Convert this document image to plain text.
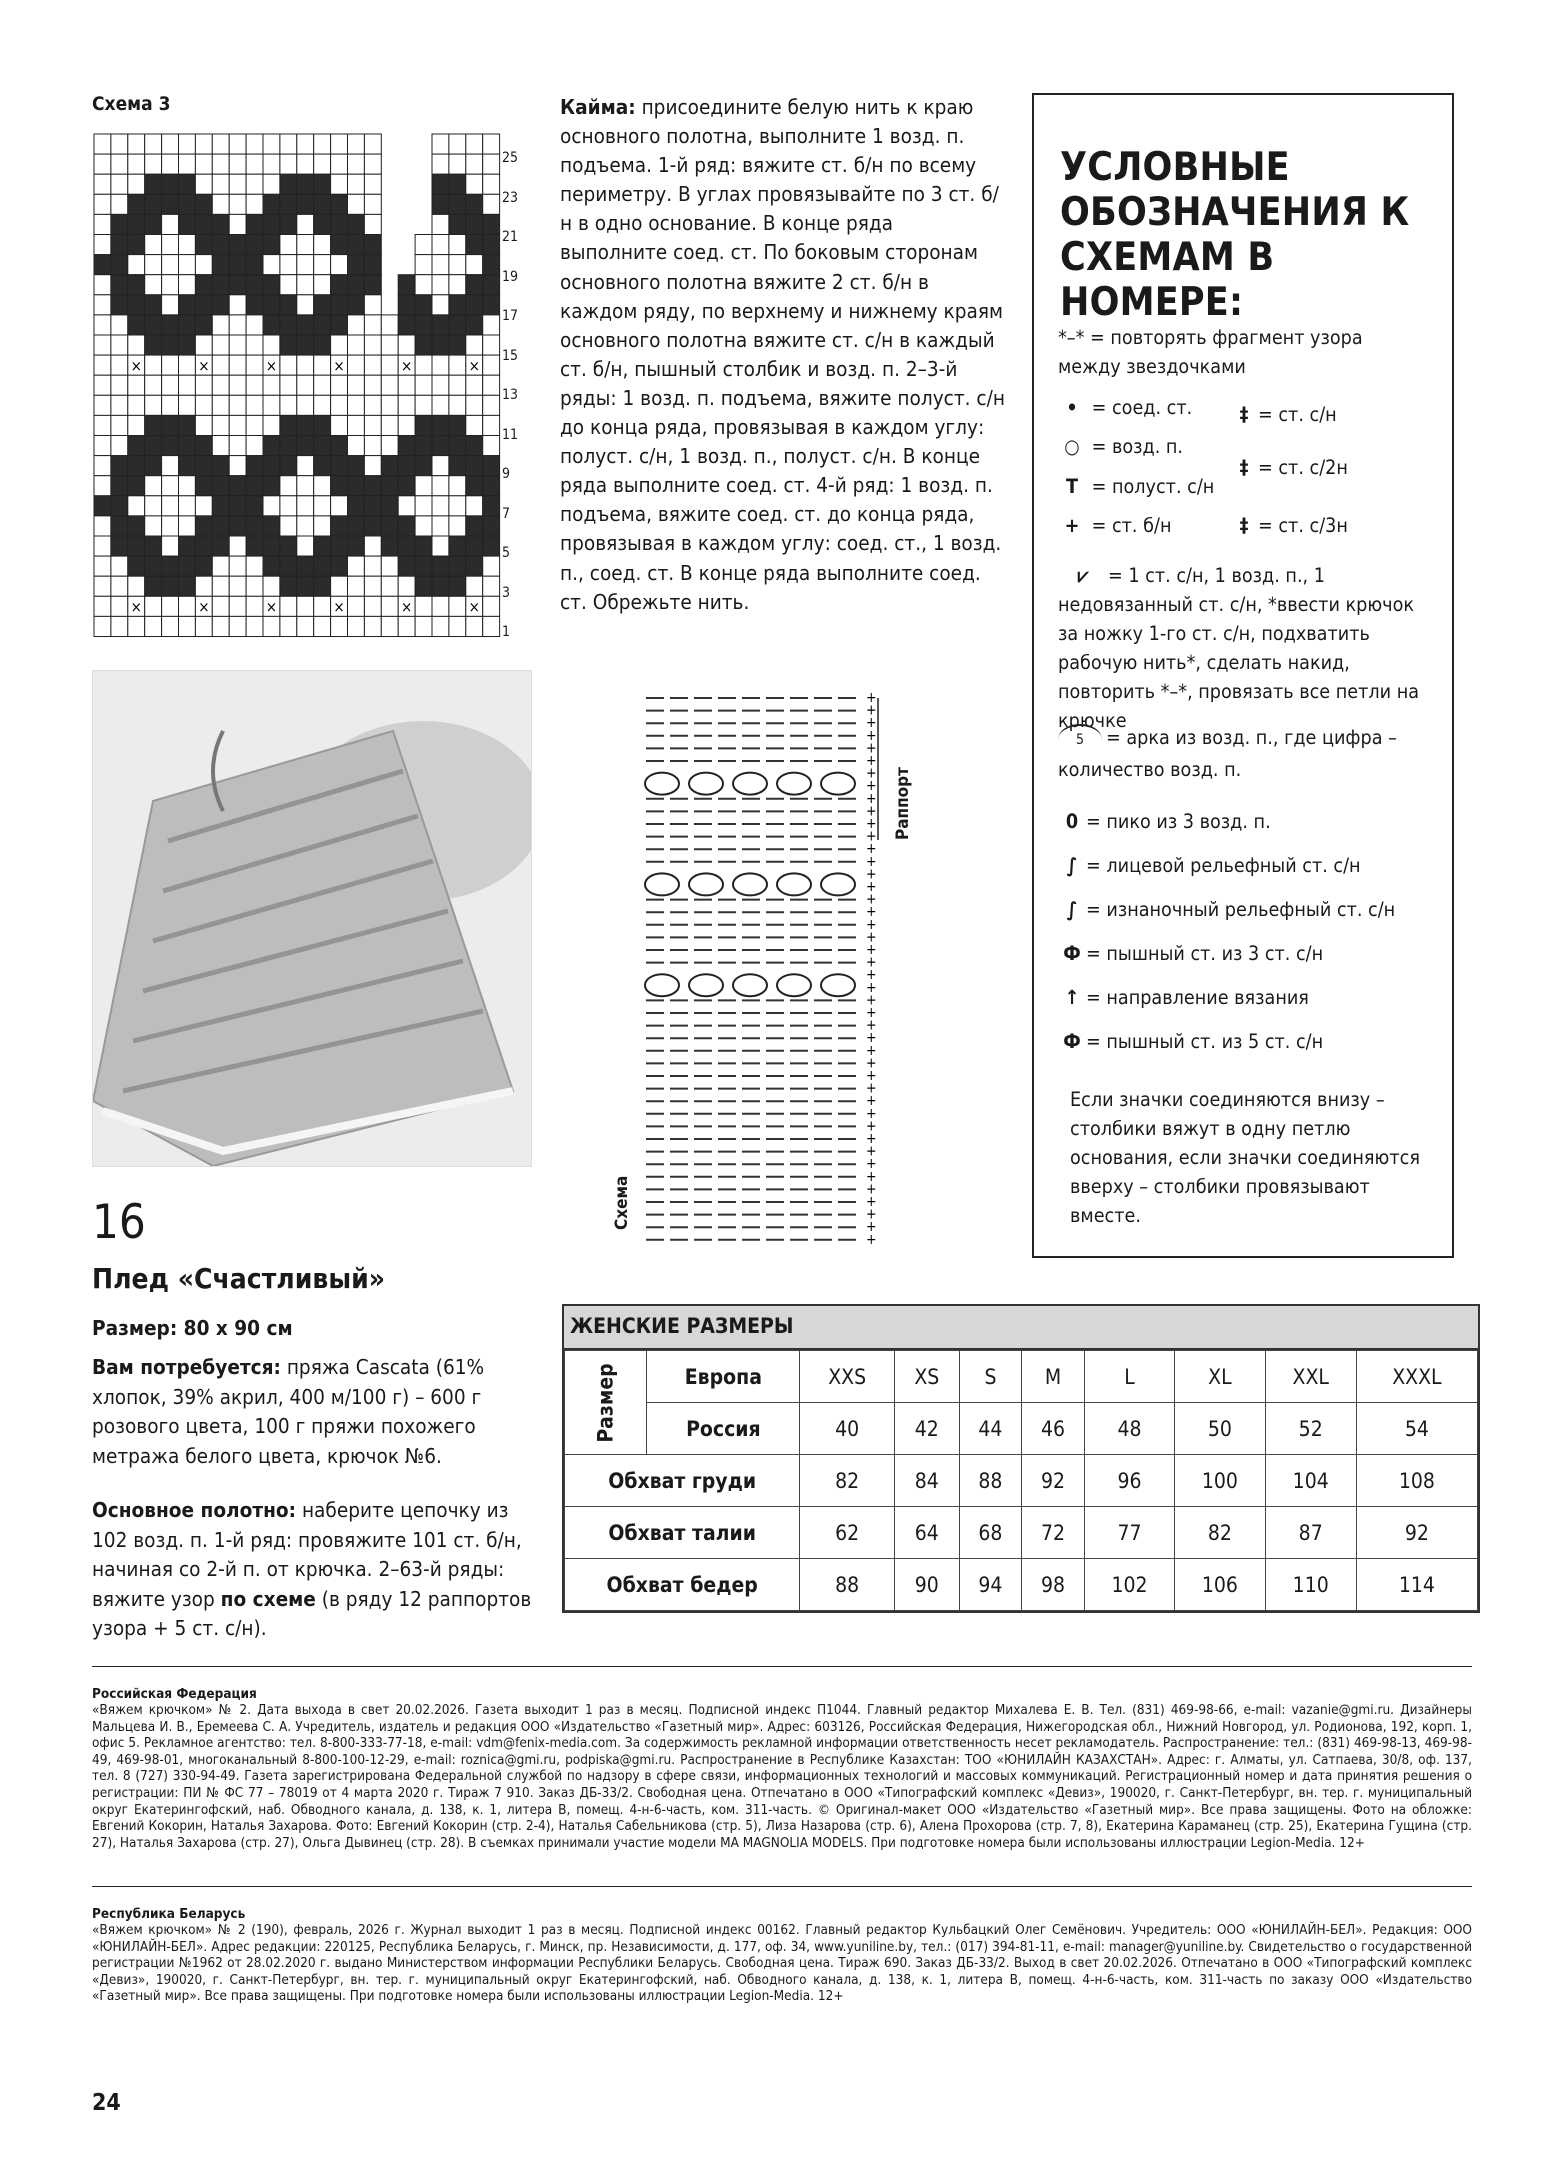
Схема 3
×	×	×	×	×	×
×	×	×	×	×	×
25
23
21
19
17
15
13
11
9
7
5
3
1
Кайма: присоедините белую нить к краю основного полотна, выполните 1 возд. п. подъема. 1-й ряд: вяжите ст. б/н по всему периметру. В углах провязывайте по 3 ст. б/н в одно основание. В конце ряда выполните соед. ст. По боковым сторонам основного полотна вяжите 2 ст. б/н в каждом ряду, по верхнему и нижнему краям основного полотна вяжите ст. с/н в каждый ст. б/н, пышный столбик и возд. п. 2–3-й ряды: 1 возд. п. подъема, вяжите полуст. с/н до конца ряда, провязывая в каждом углу: полуст. с/н, 1 возд. п., полуст. с/н. В конце ряда выполните соед. ст. 4-й ряд: 1 возд. п. подъема, вяжите соед. ст. до конца ряда, провязывая в каждом углу: соед. ст., 1 возд. п., соед. ст. В конце ряда выполните соед. ст. Обрежьте нить.
+
+
+
+
+
+
+
+
+
+
+
+
+
+
+
+
+
+
+
+
+
+
+
+
+
+
+
+
+
+
+
+
+
+
+
+
+
+
+
+
+
+
+
+
Раппорт
Схема
УСЛОВНЫЕ ОБОЗНАЧЕНИЯ К СХЕМАМ В НОМЕРЕ:
*–* = повторять фрагмент узора между звездочками
• = соед. ст.
○ = возд. п.
T = полуст. с/н
+ = ст. б/н
‡ = ст. с/н
‡ = ст. с/2н
‡ = ст. с/3н
⩗ = 1 ст. с/н, 1 возд. п., 1 недовязанный ст. с/н, *ввести крючок за ножку 1-го ст. с/н, подхватить рабочую нить*, сделать накид, повторить *–*, провязать все петли на крючке
5 = арка из возд. п., где цифра – количество возд. п.
0 = пико из 3 возд. п.
∫ = лицевой рельефный ст. с/н
∫ = изнаночный рельефный ст. с/н
Ф = пышный ст. из 3 ст. с/н
↑ = направление вязания
Ф = пышный ст. из 5 ст. с/н
Если значки соединяются внизу – столбики вяжут в одну петлю основания, если значки соединяются вверху – столбики провязывают вместе.
16
Плед «Счастливый»
Размер: 80 х 90 см
Вам потребуется: пряжа Cascata (61% хлопок, 39% акрил, 400 м/100 г) – 600 г розового цвета, 100 г пряжи похожего метража белого цвета, крючок №6.
Основное полотно: наберите цепочку из 102 возд. п. 1-й ряд: провяжите 101 ст. б/н, начиная со 2-й п. от крючка. 2–63-й ряды: вяжите узор по схеме (в ряду 12 раппортов узора + 5 ст. с/н).
ЖЕНСКИЕ РАЗМЕРЫ
Размер	Европа	XXS	XS	S	M	L	XL	XXL	XXXL
	Россия	40	42	44	46	48	50	52	54
Обхват груди		82	84	88	92	96	100	104	108
Обхват талии		62	64	68	72	77	82	87	92
Обхват бедер		88	90	94	98	102	106	110	114
Российская Федерация
«Вяжем крючком» № 2. Дата выхода в свет 20.02.2026. Газета выходит 1 раз в месяц. Подписной индекс П1044. Главный редактор Михалева Е. В. Тел. (831) 469-98-66, e-mail: vazanie@gmi.ru. Дизайнеры Мальцева И. В., Еремеева С. А. Учредитель, издатель и редакция ООО «Издательство «Газетный мир». Адрес: 603126, Российская Федерация, Нижегородская обл., Нижний Новгород, ул. Родионова, 192, корп. 1, офис 5. Рекламное агентство: тел. 8-800-333-77-18, e-mail: vdm@fenix-media.com. За содержимость рекламной информации ответственность несет рекламодатель. Распространение: тел.: (831) 469-98-13, 469-98-49, 469-98-01, многоканальный 8-800-100-12-29, e-mail: roznica@gmi.ru, podpiska@gmi.ru. Распространение в Республике Казахстан: ТОО «ЮНИЛАЙН КАЗАХСТАН». Адрес: г. Алматы, ул. Сатпаева, 30/8, оф. 137, тел. 8 (727) 330-94-49. Газета зарегистрирована Федеральной службой по надзору в сфере связи, информационных технологий и массовых коммуникаций. Регистрационный номер и дата принятия решения о регистрации: ПИ № ФС 77 – 78019 от 4 марта 2020 г. Тираж 7 910. Заказ ДБ-33/2. Свободная цена. Отпечатано в ООО «Типографский комплекс «Девиз», 190020, г. Санкт-Петербург, вн. тер. г. муниципальный округ Екатерингофский, наб. Обводного канала, д. 138, к. 1, литера В, помещ. 4-н-6-часть, ком. 311-часть. © Оригинал-макет ООО «Издательство «Газетный мир». Все права защищены. Фото на обложке: Евгений Кокорин, Наталья Захарова. Фото: Евгений Кокорин (стр. 2-4), Наталья Сабельникова (стр. 5), Лиза Назарова (стр. 6), Алена Прохорова (стр. 7, 8), Екатерина Караманец (стр. 25), Екатерина Гущина (стр. 27), Наталья Захарова (стр. 27), Ольга Дывинец (стр. 28). В съемках принимали участие модели MA MAGNOLIA MODELS. При подготовке номера были использованы иллюстрации Legion-Media. 12+
Республика Беларусь
«Вяжем крючком» № 2 (190), февраль, 2026 г. Журнал выходит 1 раз в месяц. Подписной индекс 00162. Главный редактор Кульбацкий Олег Семёнович. Учредитель: ООО «ЮНИЛАЙН-БЕЛ». Редакция: ООО «ЮНИЛАЙН-БЕЛ». Адрес редакции: 220125, Республика Беларусь, г. Минск, пр. Независимости, д. 177, оф. 34, www.yuniline.by, тел.: (017) 394-81-11, e-mail: manager@yuniline.by. Свидетельство о государственной регистрации №1962 от 28.02.2020 г. выдано Министерством информации Республики Беларусь. Свободная цена. Тираж 690. Заказ ДБ-33/2. Выход в свет 20.02.2026. Отпечатано в ООО «Типографский комплекс «Девиз», 190020, г. Санкт-Петербург, вн. тер. г. муниципальный округ Екатерингофский, наб. Обводного канала, д. 138, к. 1, литера В, помещ. 4-н-6-часть, ком. 311-часть по заказу ООО «Издательство «Газетный мир». Все права защищены. При подготовке номера были использованы иллюстрации Legion-Media. 12+
24
